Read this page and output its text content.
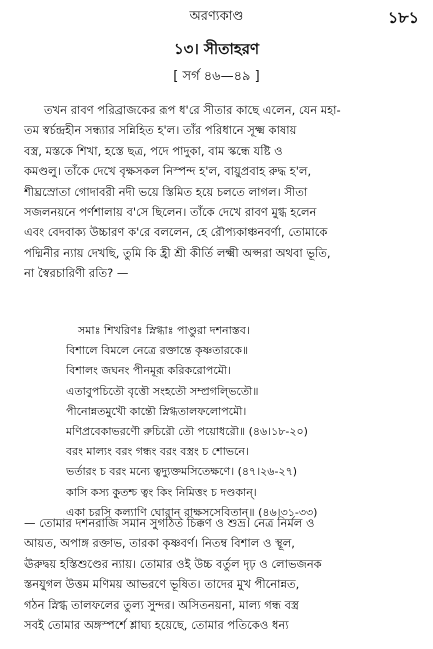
অরণ্যকাণ্ড	১৮১
১৩। সীতাহরণ
[ সর্গ ৪৬—৪৯ ]
তখন রাবণ পরিব্রাজকের রূপ ধ'রে সীতার কাছে এলেন, যেন মহা-
তম স্বর্চন্দ্রহীন সন্ধ্যার সন্নিহিত হ'ল। তাঁর পরিধানে সূক্ষ্ম কাষায়
বস্ত্র, মস্তকে শিখা, হস্তে ছত্র, পদে পাদুকা, বাম স্কন্ধে যষ্টি ও
কমণ্ডলু। তাঁকে দেখে বৃক্ষসকল নিস্পন্দ হ'ল, বায়ুপ্রবাহ রুদ্ধ হ'ল,
শীঘ্রস্রোতা গোদাবরী নদী ভয়ে স্তিমিত হয়ে চলতে লাগল। সীতা
সজলনয়নে পর্ণশালায় ব'সে ছিলেন। তাঁকে দেখে রাবণ মুগ্ধ হলেন
এবং বেদবাক্য উচ্চারণ ক'রে বললেন, হে রৌপ্যকাঞ্চনবর্ণা, তোমাকে
পদ্মিনীর ন্যায় দেখছি, তুমি কি হ্রী শ্রী কীর্তি লক্ষ্মী অপ্সরা অথবা ভূতি,
না স্বৈরচারিণী রতি? —
সমাঃ শিখরিণঃ স্নিগ্ধাঃ পাণ্ডুরা দশনাস্তব।
বিশালে বিমলে নেত্রে রক্তান্তে কৃষ্ণতারকে॥
বিশালং জঘনং পীনমূরূ করিকরোপমৌ।
এতাবুপচিতৌ বৃত্তৌ সংহতৌ সম্প্রগল্ভিতৌ॥
পীনোন্নতমুখৌ কান্তৌ স্নিগ্ধতালফলোপমৌ।
মণিপ্রবেকাভরণৌ রুচিরৌ তৌ পয়োধরৌ॥ (৪৬।১৮-২০)
বরং মাল্যং বরং গন্ধং বরং বস্ত্রং চ শোভনে।
ভর্তারং চ বরং মন্যে ত্বদ্যুক্তমসিতেক্ষণে। (৪৭।২৬-২৭)
কাসি কস্য কুতশ্চ ত্বং কিং নিমিত্তং চ দণ্ডকান্।
একা চরসি কল্যাণি ঘোরান্ রাক্ষসসেবিতান্॥ (৪৬।৩১-৩৩)
— তোমার দশনরাজি সমান সুগঠিত চিক্কণ ও শুভ্র। নেত্র নির্মল ও
আয়ত, অপাঙ্গ রক্তাভ, তারকা কৃষ্ণবর্ণ। নিতম্ব বিশাল ও স্থূল,
ঊরুদ্বয় হস্তিশুণ্ডের ন্যায়। তোমার ওই উচ্চ বর্তুল দৃঢ় ও লোভজনক
স্তনযুগল উত্তম মণিময় আভরণে ভূষিত। তাদের মুখ পীনোন্নত,
গঠন স্নিগ্ধ তালফলের তুল্য সুন্দর। অসিতনয়না, মাল্য গন্ধ বস্ত্র
সবই তোমার অঙ্গস্পর্শে শ্লাঘ্য হয়েছে, তোমার পতিকেও ধন্য
